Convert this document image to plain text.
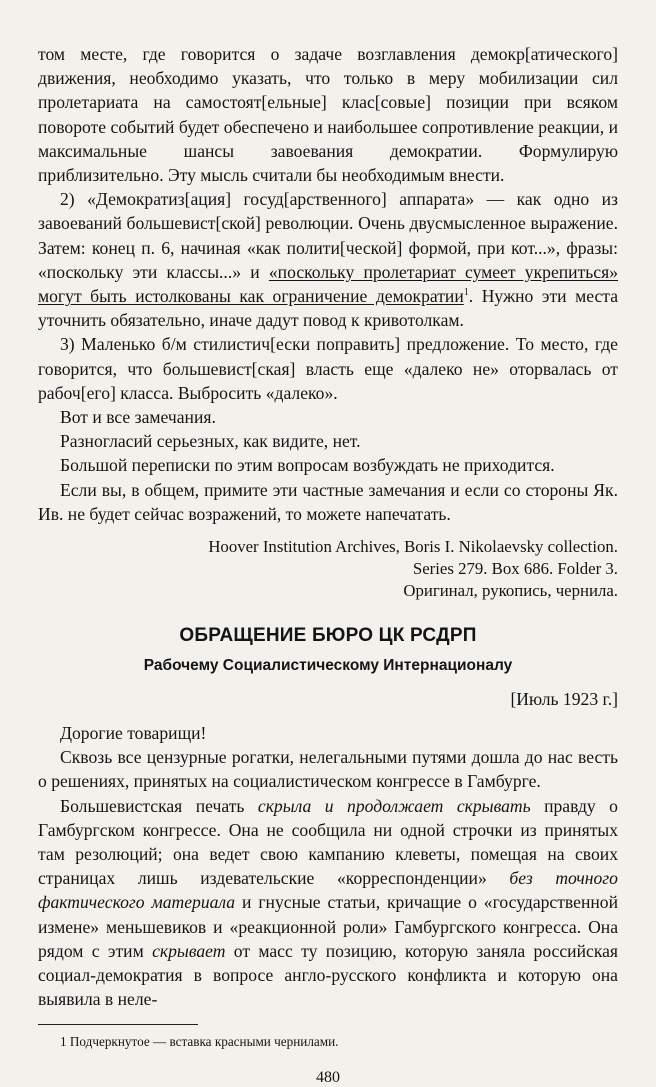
том месте, где говорится о задаче возглавления демокр[атического] движения, необходимо указать, что только в меру мобилизации сил пролетариата на самостоят[ельные] клас[совые] позиции при всяком повороте событий будет обеспечено и наибольшее сопротивление реакции, и максимальные шансы завоевания демократии. Формулирую приблизительно. Эту мысль считали бы необходимым внести.

2) «Демократиз[ация] госуд[арственного] аппарата» — как одно из завоеваний большевист[ской] революции. Очень двусмысленное выражение. Затем: конец п. 6, начиная «как полити[ческой] формой, при кот...», фразы: «поскольку эти классы...» и «поскольку пролетариат сумеет укрепиться» могут быть истолкованы как ограничение демократии$^1$. Нужно эти места уточнить обязательно, иначе дадут повод к кривотолкам.

3) Маленько б/м стилистич[ески поправить] предложение. То место, где говорится, что большевист[ская] власть еще «далеко не» оторвалась от рабоч[его] класса. Выбросить «далеко».

Вот и все замечания.

Разногласий серьезных, как видите, нет.

Большой переписки по этим вопросам возбуждать не приходится.

Если вы, в общем, примите эти частные замечания и если со стороны Як. Ив. не будет сейчас возражений, то можете напечатать.

Hoover Institution Archives, Boris I. Nikolaevsky collection.
Series 279. Box 686. Folder 3.
Оригинал, рукопись, чернила.
ОБРАЩЕНИЕ БЮРО ЦК РСДРП
Рабочему Социалистическому Интернационалу
[Июль 1923 г.]

Дорогие товарищи!

Сквозь все цензурные рогатки, нелегальными путями дошла до нас весть о решениях, принятых на социалистическом конгрессе в Гамбурге.

Большевистская печать скрыла и продолжает скрывать правду о Гамбургском конгрессе. Она не сообщила ни одной строчки из принятых там резолюций; она ведет свою кампанию клеветы, помещая на своих страницах лишь издевательские «корреспонденции» без точного фактического материала и гнусные статьи, кричащие о «государственной измене» меньшевиков и «реакционной роли» Гамбургского конгресса. Она рядом с этим скрывает от масс ту позицию, которую заняла российская социал-демократия в вопросе англо-русского конфликта и которую она выявила в неле-

1 Подчеркнутое — вставка красными чернилами.
480
